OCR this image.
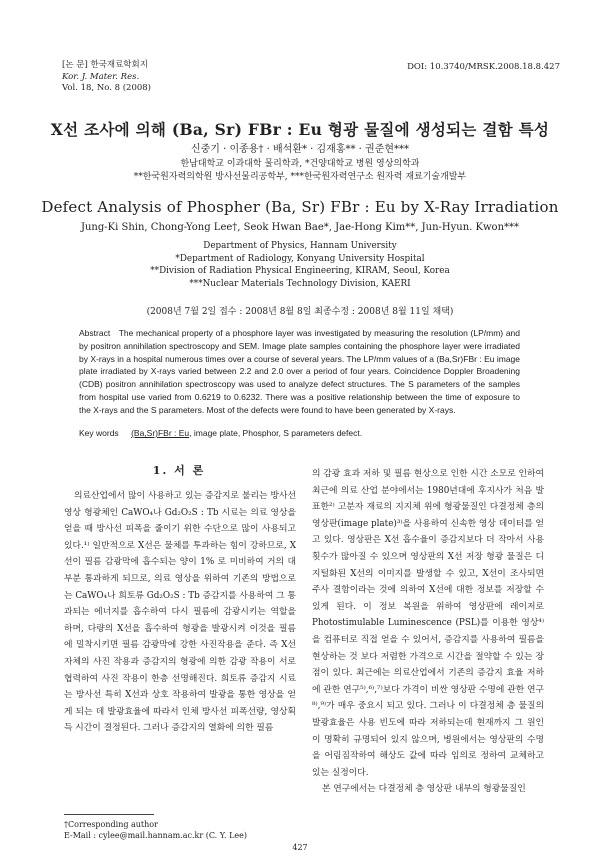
[논 문] 한국재료학회지
Kor. J. Mater. Res.
Vol. 18, No. 8 (2008)
DOI: 10.3740/MRSK.2008.18.8.427
X선 조사에 의해 (Ba, Sr) FBr : Eu 형광 물질에 생성되는 결함 특성
신중기 · 이종용† · 배석환* · 김재홍** · 권준현***
한남대학교 이과대학 물리학과, *건양대학교 병원 영상의학과
**한국원자력의학원 방사선물리공학부, ***한국원자력연구소 원자력 재료기술개발부
Defect Analysis of Phospher (Ba, Sr) FBr : Eu by X-Ray Irradiation
Jung-Ki Shin, Chong-Yong Lee†, Seok Hwan Bae*, Jae-Hong Kim**, Jun-Hyun. Kwon***
Department of Physics, Hannam University
*Department of Radiology, Konyang University Hospital
**Division of Radiation Physical Engineering, KIRAM, Seoul, Korea
***Nuclear Materials Technology Division, KAERI
(2008년 7월 2일 접수 : 2008년 8월 8일 최종수정 : 2008년 8월 11일 채택)
Abstract The mechanical property of a phosphore layer was investigated by measuring the resolution (LP/mm) and by positron annihilation spectroscopy and SEM. Image plate samples containing the phosphore layer were irradiated by X-rays in a hospital numerous times over a course of several years. The LP/mm values of a (Ba,Sr)FBr : Eu image plate irradiated by X-rays varied between 2.2 and 2.0 over a period of four years. Coincidence Doppler Broadening (CDB) positron annihilation spectroscopy was used to analyze defect structures. The S parameters of the samples from hospital use varied from 0.6219 to 0.6232. There was a positive relationship between the time of exposure to the X-rays and the S parameters. Most of the defects were found to have been generated by X-rays.
Key words (Ba,Sr)FBr : Eu, image plate, Phosphor, S parameters defect.
1. 서 론

의료산업에서 많이 사용하고 있는 증감지로 불리는 방사선 영상 형광체인 CaWO₄나 Gd₂O₂S : Tb 시료는 의료 영상을 얻을 때 방사선 피폭을 줄이기 위한 수단으로 많이 사용되고 있다.¹⁾ 일반적으로 X선은 물체를 투과하는 힘이 강하므로, X선이 필름 감광막에 흡수되는 양이 1% 로 미비하여 거의 대부분 통과하게 되므로, 의료 영상을 위하여 기존의 방법으로는 CaWO₄나 희토류 Gd₂O₂S : Tb 증감지를 사용하여 그 통과되는 에너지를 흡수하여 다시 필름에 감광시키는 역할을 하며, 다량의 X선을 흡수하여 형광을 발광시켜 이것을 필름에 밀착시키면 필름 감광막에 강한 사진작용을 준다. 즉 X선 자체의 사진 작용과 증감지의 형광에 의한 감광 작용이 서로 협력하여 사진 작용이 한층 선명해진다. 희토류 증감지 시료는 방사선 특히 X선과 상호 작용하여 발광을 통한 영상을 얻게 되는 데 발광효율에 따라서 인체 방사선 피폭선량, 영상획득 시간이 결정된다. 그러나 증감지의 열화에 의한 필름

의 감광 효과 저하 및 필름 현상으로 인한 시간 소모로 인하여 최근에 의료 산업 분야에서는 1980년대에 후지사가 처음 발표한²⁾ 고분자 재료의 지지체 위에 형광물질인 다결정체 층의 영상판(image plate)³⁾을 사용하여 신속한 영상 데이터를 얻고 있다. 영상판은 X선 흡수율이 증감지보다 더 작아서 사용 횟수가 많아질 수 있으며 영상판의 X선 저장 형광 물질은 디지털화된 X선의 이미지를 발생할 수 있고, X선이 조사되면 주사 결함이라는 것에 의하여 X선에 대한 정보를 저장할 수 있게 된다. 이 정보 복원을 위하여 영상판에 레이저로 Photostimulable Luminescence (PSL)를 이용한 영상⁴⁾을 컴퓨터로 직접 얻을 수 있어서, 증감지를 사용하여 필름을 현상하는 것 보다 저렴한 가격으로 시간을 절약할 수 있는 장점이 있다. 최근에는 의료산업에서 기존의 증감지 효율 저하에 관한 연구⁵⁾,⁶⁾,⁷⁾보다 가격이 비싼 영상판 수명에 관한 연구⁸⁾,⁹⁾가 매우 중요시 되고 있다. 그러나 이 다결정체 층 물질의 발광효율은 사용 빈도에 따라 저하되는데 현재까지 그 원인이 명확히 규명되어 있지 않으며, 병원에서는 영상판의 수명을 어림짐작하여 해상도 값에 따라 임의로 정하여 교체하고 있는 실정이다.

본 연구에서는 다결정체 층 영상판 내부의 형광물질인

†Corresponding author
E-Mail : cylee@mail.hannam.ac.kr (C. Y. Lee)
427
